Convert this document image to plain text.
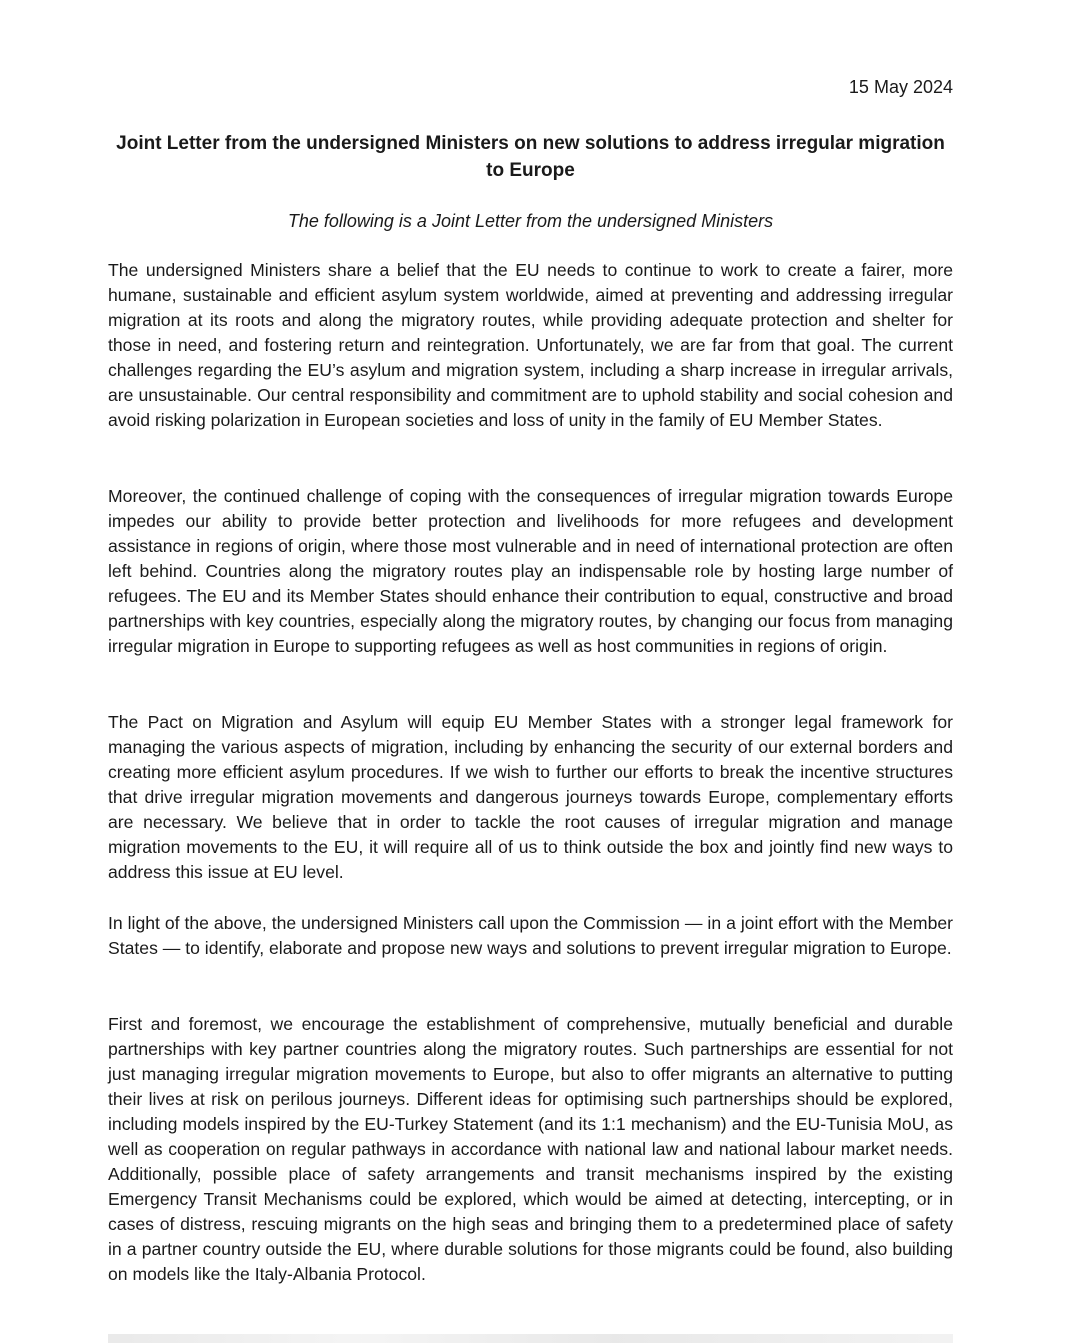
15 May 2024
Joint Letter from the undersigned Ministers on new solutions to address irregular migration to Europe
The following is a Joint Letter from the undersigned Ministers

The undersigned Ministers share a belief that the EU needs to continue to work to create a fairer, more humane, sustainable and efficient asylum system worldwide, aimed at preventing and addressing irregular migration at its roots and along the migratory routes, while providing adequate protection and shelter for those in need, and fostering return and reintegration. Unfortunately, we are far from that goal. The current challenges regarding the EU’s asylum and migration system, including a sharp increase in irregular arrivals, are unsustainable. Our central responsibility and commitment are to uphold stability and social cohesion and avoid risking polarization in European societies and loss of unity in the family of EU Member States.

Moreover, the continued challenge of coping with the consequences of irregular migration towards Europe impedes our ability to provide better protection and livelihoods for more refugees and development assistance in regions of origin, where those most vulnerable and in need of international protection are often left behind. Countries along the migratory routes play an indispensable role by hosting large number of refugees. The EU and its Member States should enhance their contribution to equal, constructive and broad partnerships with key countries, especially along the migratory routes, by changing our focus from managing irregular migration in Europe to supporting refugees as well as host communities in regions of origin.

The Pact on Migration and Asylum will equip EU Member States with a stronger legal framework for managing the various aspects of migration, including by enhancing the security of our external borders and creating more efficient asylum procedures. If we wish to further our efforts to break the incentive structures that drive irregular migration movements and dangerous journeys towards Europe, complementary efforts are necessary. We believe that in order to tackle the root causes of irregular migration and manage migration movements to the EU, it will require all of us to think outside the box and jointly find new ways to address this issue at EU level.

In light of the above, the undersigned Ministers call upon the Commission — in a joint effort with the Member States — to identify, elaborate and propose new ways and solutions to prevent irregular migration to Europe.

First and foremost, we encourage the establishment of comprehensive, mutually beneficial and durable partnerships with key partner countries along the migratory routes. Such partnerships are essential for not just managing irregular migration movements to Europe, but also to offer migrants an alternative to putting their lives at risk on perilous journeys. Different ideas for optimising such partnerships should be explored, including models inspired by the EU-Turkey Statement (and its 1:1 mechanism) and the EU-Tunisia MoU, as well as cooperation on regular pathways in accordance with national law and national labour market needs. Additionally, possible place of safety arrangements and transit mechanisms inspired by the existing Emergency Transit Mechanisms could be explored, which would be aimed at detecting, intercepting, or in cases of distress, rescuing migrants on the high seas and bringing them to a predetermined place of safety in a partner country outside the EU, where durable solutions for those migrants could be found, also building on models like the Italy-Albania Protocol.
